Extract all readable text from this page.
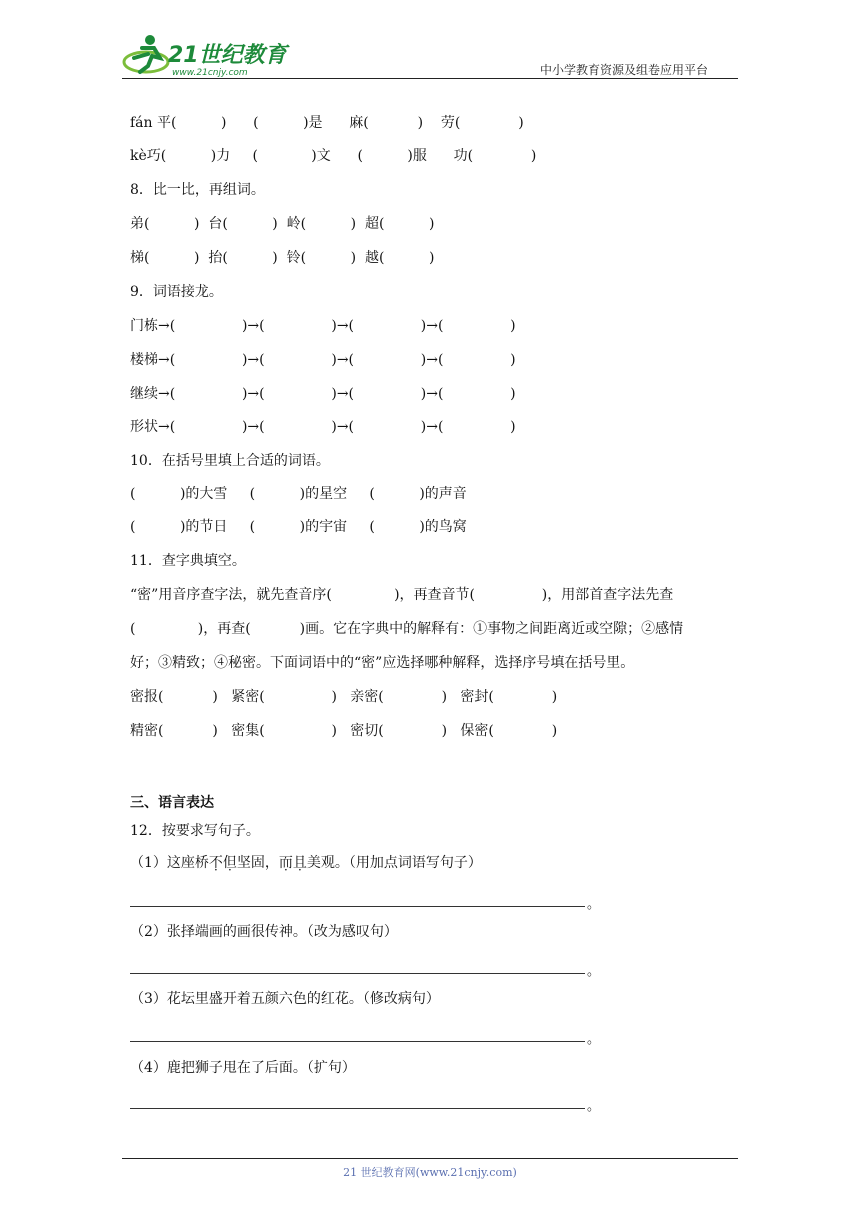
21世纪教育
www.21cnjy.com	中小学教育资源及组卷应用平台
fán 平(          )      (          )是      麻(           )    劳(             )
kè巧(          )力     (            )文      (          )服      功(             )
8．比一比，再组词。
弟(          )  台(          )  岭(          )  超(          )
梯(          )  抬(          )  铃(          )  越(          )
9．词语接龙。
门栋→(               )→(               )→(               )→(               )
楼梯→(               )→(               )→(               )→(               )
继续→(               )→(               )→(               )→(               )
形状→(               )→(               )→(               )→(               )
10．在括号里填上合适的词语。
(          )的大雪     (          )的星空     (          )的声音
(          )的节日     (          )的宇宙     (          )的鸟窝
11．查字典填空。
“密”用音序查字法，就先查音序(              )，再查音节(               )，用部首查字法先查
(              )，再查(           )画。它在字典中的解释有：①事物之间距离近或空隙；②感情
好；③精致；④秘密。下面词语中的“密”应选择哪种解释，选择序号填在括号里。
密报(           )   紧密(               )   亲密(             )   密封(             )
精密(           )   密集(               )   密切(             )   保密(             )
三、语言表达
12．按要求写句子。
（1）这座桥不但坚固，而且美观。（用加点词语写句子）
。
（2）张择端画的画很传神。（改为感叹句）
。
（3）花坛里盛开着五颜六色的红花。（修改病句）
。
（4）鹿把狮子甩在了后面。（扩句）
。
21 世纪教育网(www.21cnjy.com)
